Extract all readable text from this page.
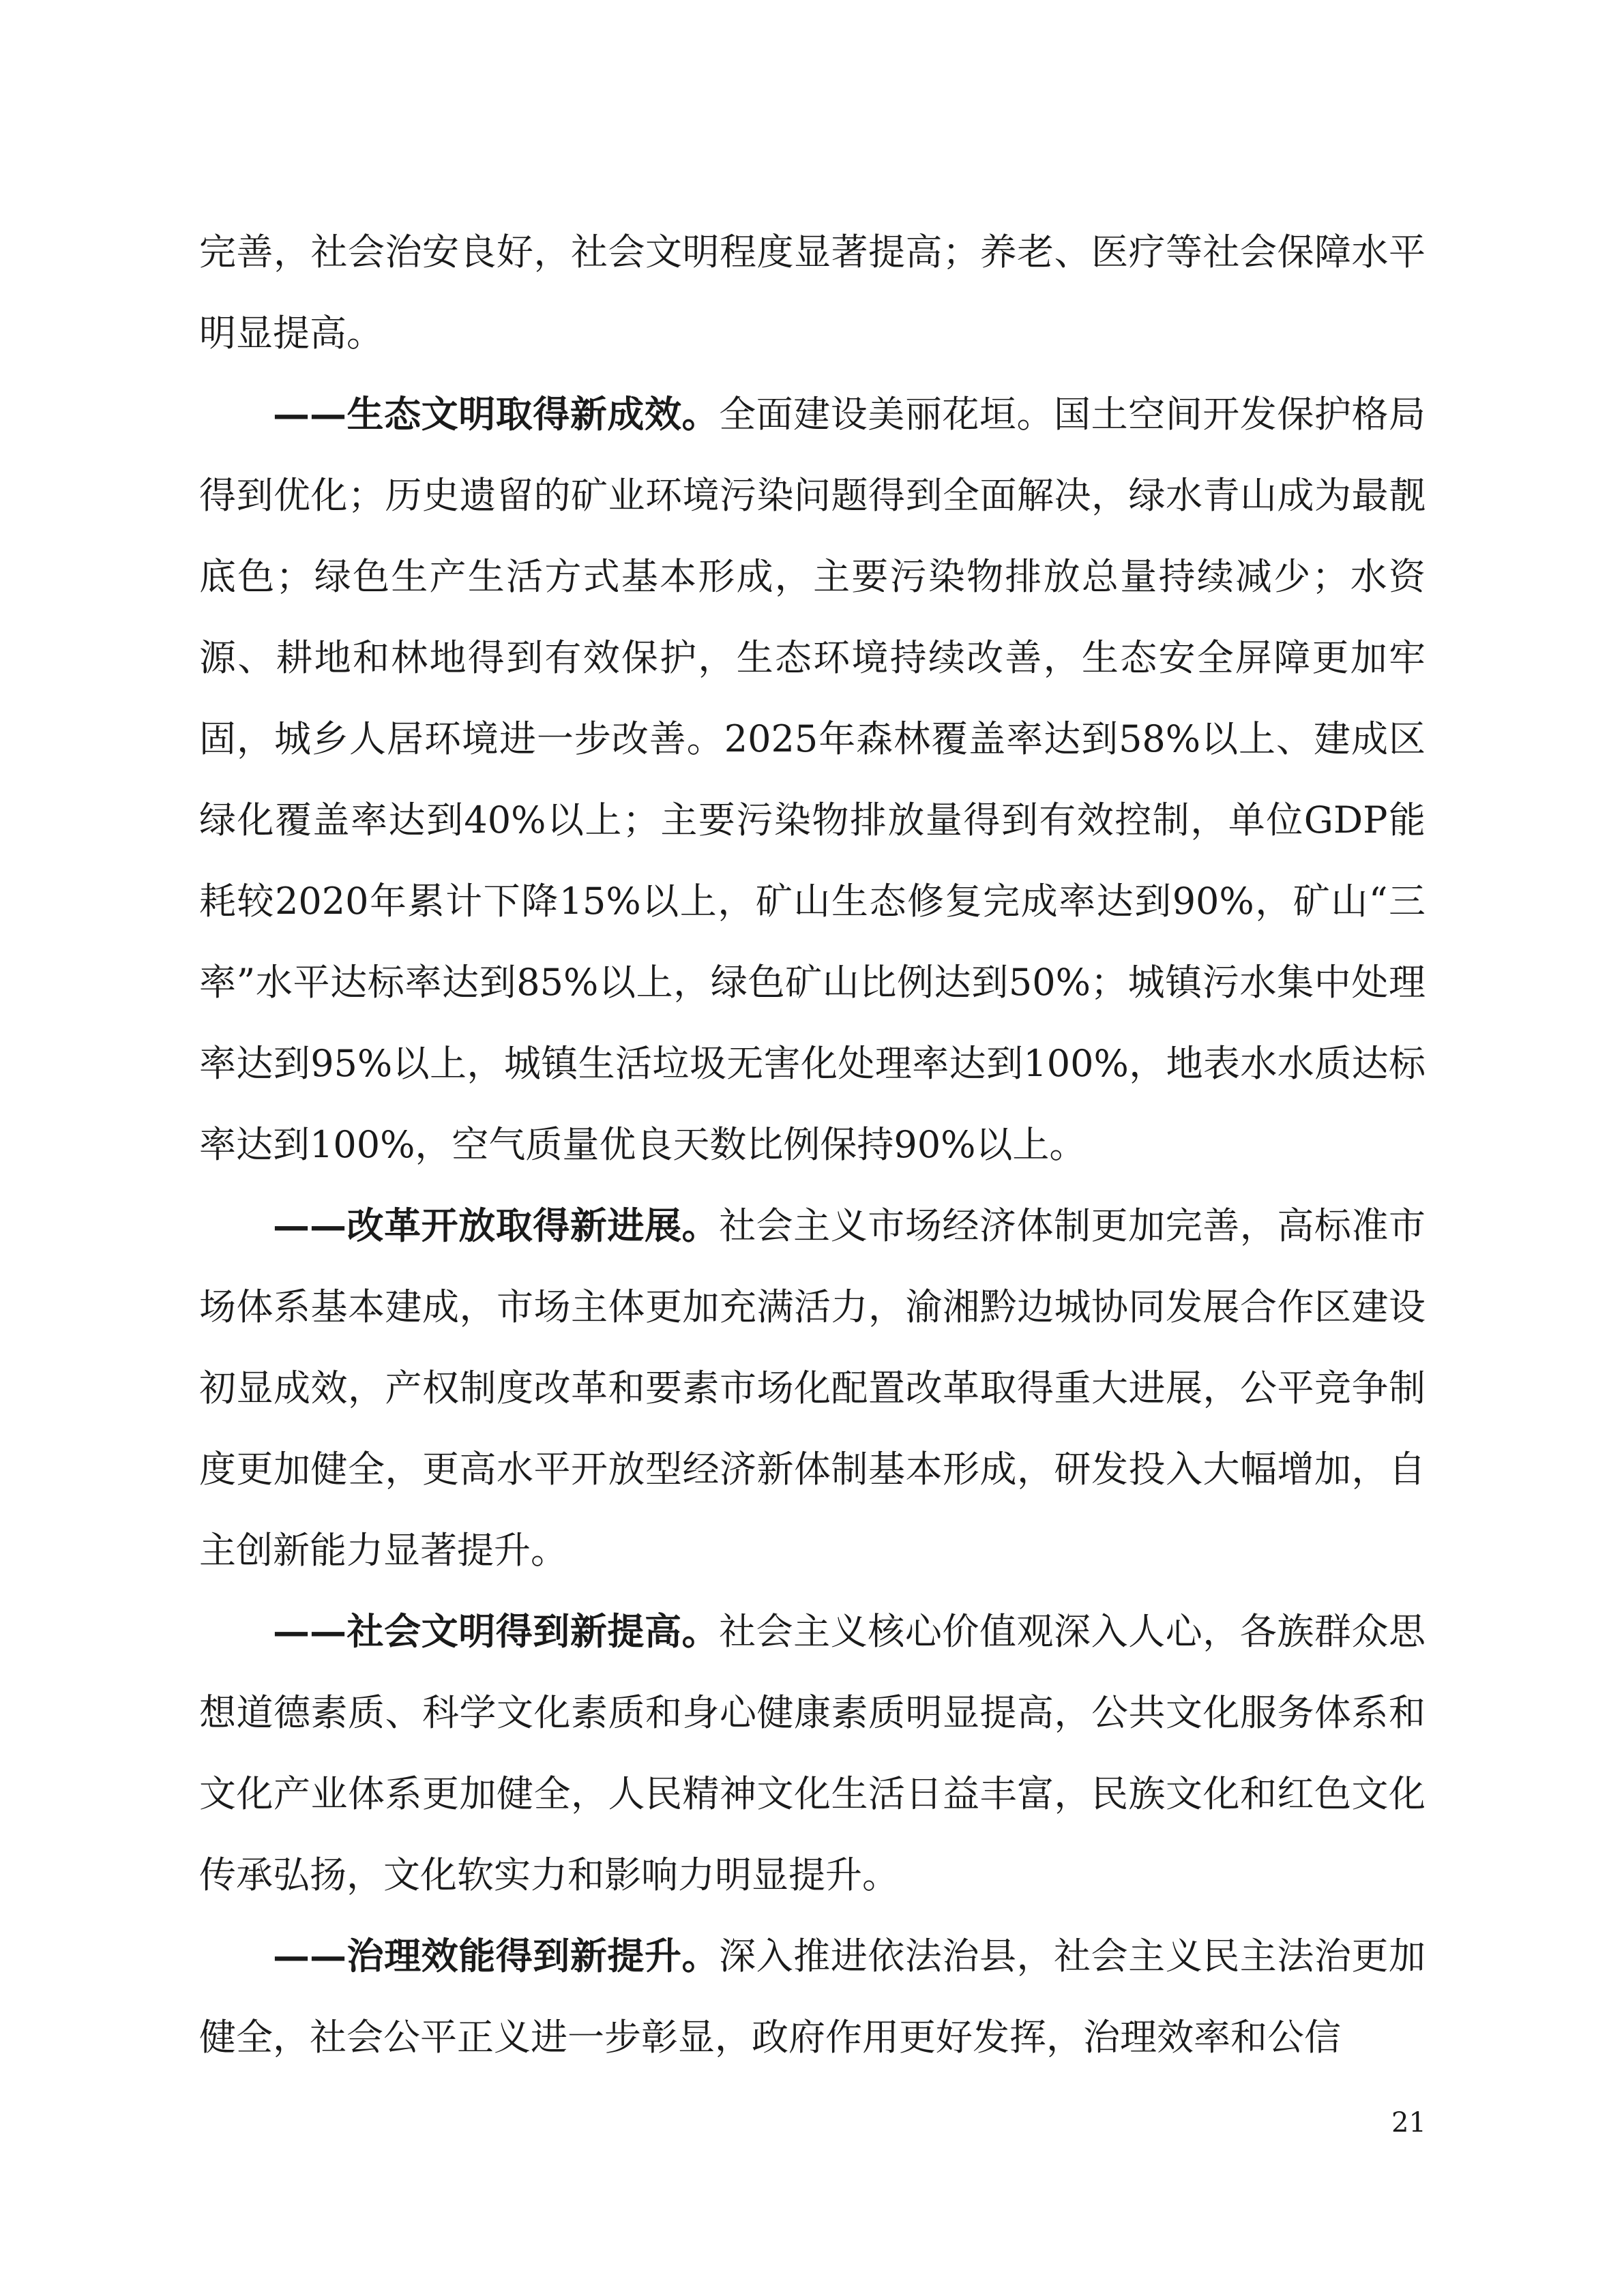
完善，社会治安良好，社会文明程度显著提高；养老、医疗等社会保障水平明显提高。

——生态文明取得新成效。全面建设美丽花垣。国土空间开发保护格局得到优化；历史遗留的矿业环境污染问题得到全面解决，绿水青山成为最靓底色；绿色生产生活方式基本形成，主要污染物排放总量持续减少；水资源、耕地和林地得到有效保护，生态环境持续改善，生态安全屏障更加牢固，城乡人居环境进一步改善。2025年森林覆盖率达到58%以上、建成区绿化覆盖率达到40%以上；主要污染物排放量得到有效控制，单位GDP能耗较2020年累计下降15%以上，矿山生态修复完成率达到90%，矿山“三率”水平达标率达到85%以上，绿色矿山比例达到50%；城镇污水集中处理率达到95%以上，城镇生活垃圾无害化处理率达到100%，地表水水质达标率达到100%，空气质量优良天数比例保持90%以上。

——改革开放取得新进展。社会主义市场经济体制更加完善，高标准市场体系基本建成，市场主体更加充满活力，渝湘黔边城协同发展合作区建设初显成效，产权制度改革和要素市场化配置改革取得重大进展，公平竞争制度更加健全，更高水平开放型经济新体制基本形成，研发投入大幅增加，自主创新能力显著提升。

——社会文明得到新提高。社会主义核心价值观深入人心，各族群众思想道德素质、科学文化素质和身心健康素质明显提高，公共文化服务体系和文化产业体系更加健全，人民精神文化生活日益丰富，民族文化和红色文化传承弘扬，文化软实力和影响力明显提升。

——治理效能得到新提升。深入推进依法治县，社会主义民主法治更加健全，社会公平正义进一步彰显，政府作用更好发挥，治理效率和公信

21
